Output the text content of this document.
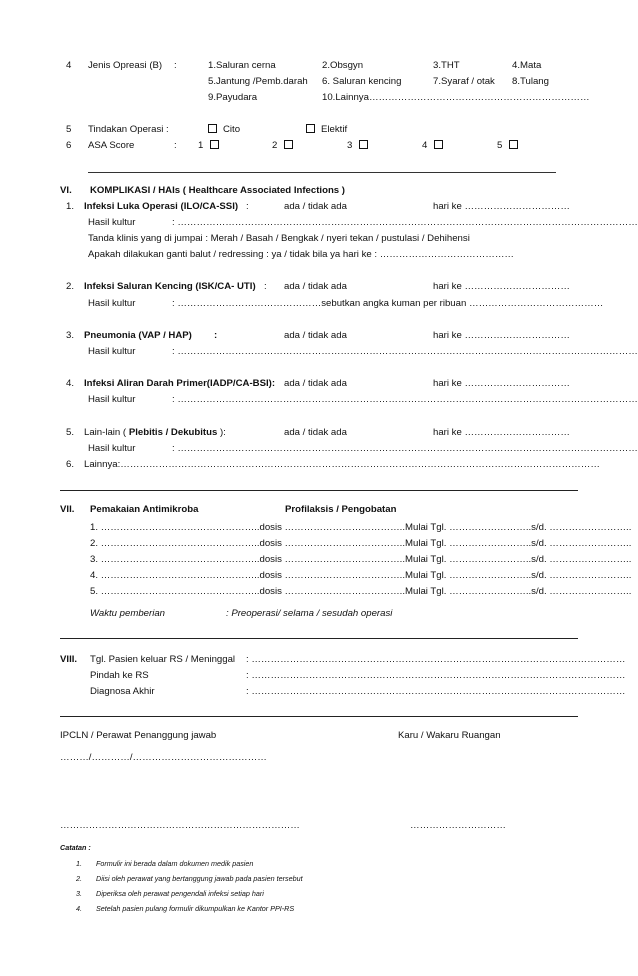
4 Jenis Opreasi (B) :	1.Saluran cerna	2.Obsgyn	3.THT	4.Mata
5.Jantung /Pemb.darah 6. Saluran kencing	7.Syaraf / otak 8.Tulang
9.Payudara	10.Lainnya……………………………………………………………
5 Tindakan Operasi :	Cito	Elektif
6 ASA Score	: 1	2	3	4	5
VI. KOMPLIKASI / HAIs ( Healthcare Associated Infections )
1. Infeksi Luka Operasi (ILO/CA-SSI) :	ada / tidak ada	hari ke ……………………………
Hasil kultur	: ………………………………………………………………………………………………………………………………
Tanda klinis yang di jumpai : Merah / Basah / Bengkak / nyeri tekan / pustulasi / Dehihensi
Apakah dilakukan ganti balut / redressing : ya / tidak bila ya hari ke : ……………………………………
2. Infeksi Saluran Kencing (ISK/CA- UTI) : ada / tidak ada	hari ke ……………………………
Hasil kultur	: ………………………………………sebutkan angka kuman per ribuan ……………………………………
3. Pneumonia (VAP / HAP) :	ada / tidak ada	hari ke ……………………………
Hasil kultur	: ………………………………………………………………………………………………………………………………
4. Infeksi Aliran Darah Primer(IADP/CA-BSI): ada / tidak ada	hari ke ……………………………
Hasil kultur	: ………………………………………………………………………………………………………………………………
5. Lain-lain ( Plebitis / Dekubitus ):	ada / tidak ada	hari ke ……………………………
Hasil kultur	: ………………………………………………………………………………………………………………………………
6. Lainnya:……………………………………………………………………………………………………………………………………
VII. Pemakaian Antimikroba	Profilaksis / Pengobatan
1. …………………………………………..dosis ………………………………..Mulai Tgl. ……………………..s/d. ……………………..
2. …………………………………………..dosis ………………………………..Mulai Tgl. ……………………..s/d. ……………………..
3. …………………………………………..dosis ………………………………..Mulai Tgl. ……………………..s/d. ……………………..
4. …………………………………………..dosis ………………………………..Mulai Tgl. ……………………..s/d. ……………………..
5. …………………………………………..dosis ………………………………..Mulai Tgl. ……………………..s/d. ……………………..
Waktu pemberian	: Preoperasi/ selama / sesudah operasi
VIII. Tgl. Pasien keluar RS / Meninggal : ………………………………………………………………………………………………………
Pindah ke RS	: ………………………………………………………………………………………………………
Diagnosa Akhir	: ………………………………………………………………………………………………………
IPCLN / Perawat Penanggung jawab	Karu / Wakaru Ruangan
………/…………/……………………………………
…………………………………………………………………	…………………………
Catatan :
1. Formulir ini berada dalam dokumen medik pasien
2. Diisi oleh perawat yang bertanggung jawab pada pasien tersebut
3. Diperiksa oleh perawat pengendali infeksi setiap hari
4. Setelah pasien pulang formulir dikumpulkan ke Kantor PPI-RS
